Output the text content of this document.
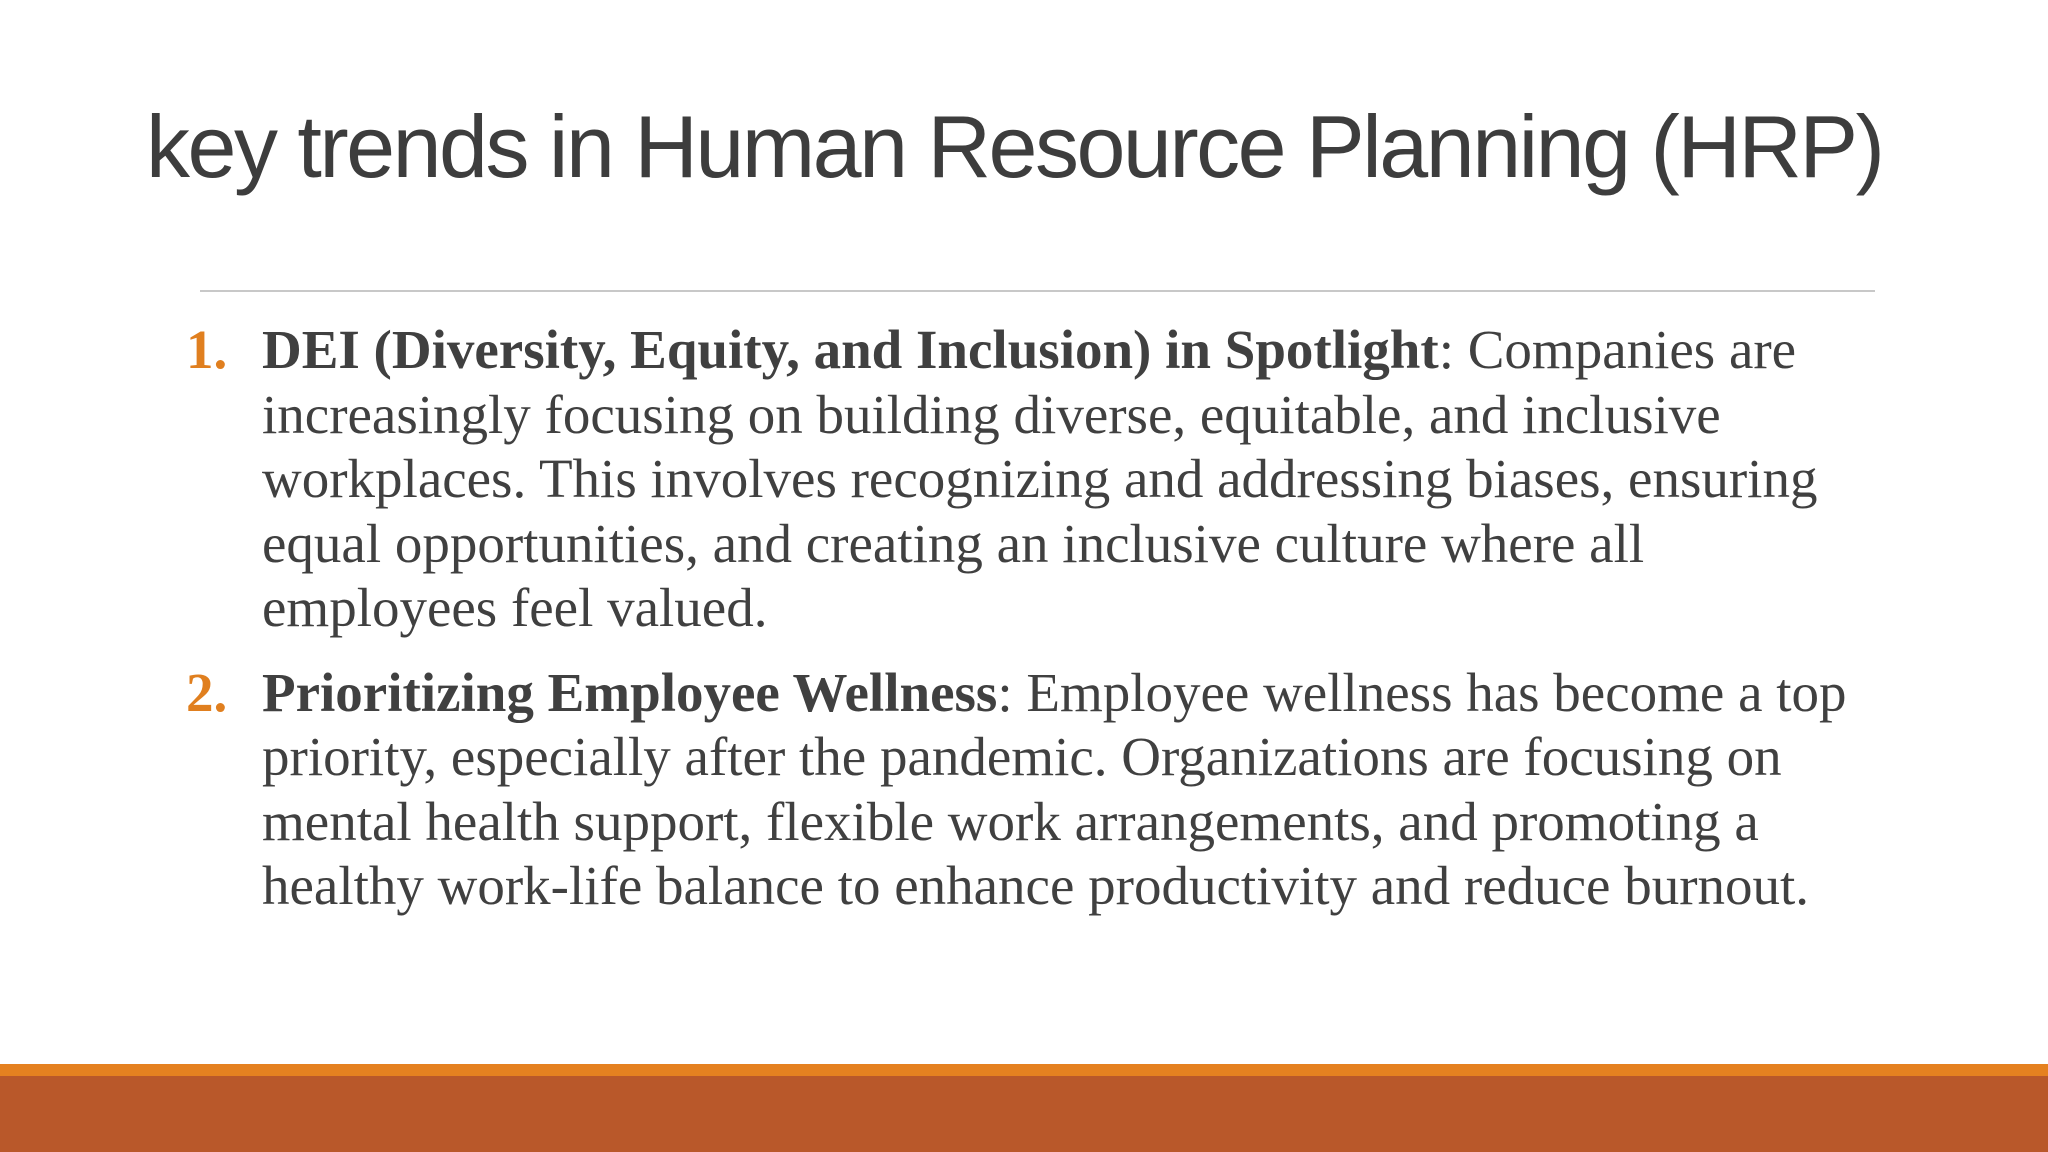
key trends in Human Resource Planning (HRP)
1. DEI (Diversity, Equity, and Inclusion) in Spotlight: Companies are increasingly focusing on building diverse, equitable, and inclusive workplaces. This involves recognizing and addressing biases, ensuring equal opportunities, and creating an inclusive culture where all employees feel valued.
2. Prioritizing Employee Wellness: Employee wellness has become a top priority, especially after the pandemic. Organizations are focusing on mental health support, flexible work arrangements, and promoting a healthy work-life balance to enhance productivity and reduce burnout.
